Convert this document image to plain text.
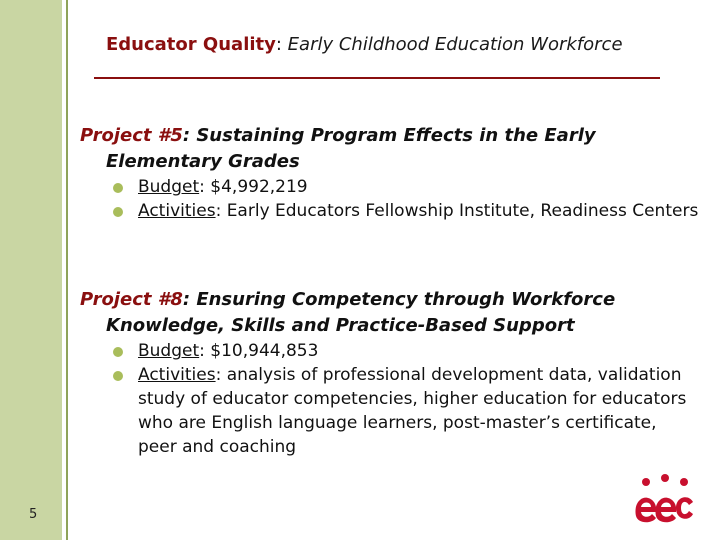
Educator Quality: Early Childhood Education Workforce
Project #5: Sustaining Program Effects in the Early Elementary Grades
Budget: $4,992,219
Activities: Early Educators Fellowship Institute, Readiness Centers
Project #8: Ensuring Competency through Workforce Knowledge, Skills and Practice-Based Support
Budget: $10,944,853
Activities: analysis of professional development data, validation study of educator competencies, higher education for educators who are English language learners, post-master’s certificate, peer and coaching
5
